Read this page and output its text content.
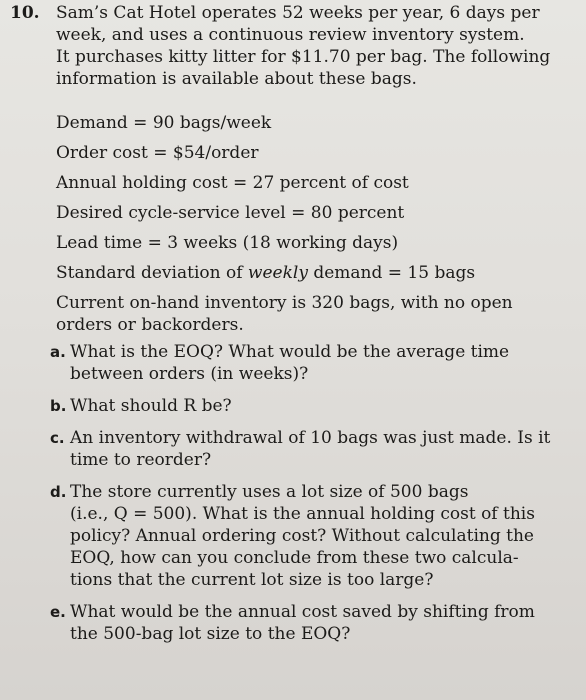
10. Sam’s Cat Hotel operates 52 weeks per year, 6 days per
week, and uses a continuous review inventory system.
It purchases kitty litter for $11.70 per bag. The following
information is available about these bags.
Demand = 90 bags/week
Order cost = $54/order
Annual holding cost = 27 percent of cost
Desired cycle-service level = 80 percent
Lead time = 3 weeks (18 working days)
Standard deviation of weekly demand = 15 bags
Current on-hand inventory is 320 bags, with no open
orders or backorders.
a. What is the EOQ? What would be the average time
between orders (in weeks)?
b. What should R be?
c. An inventory withdrawal of 10 bags was just made. Is it
time to reorder?
d. The store currently uses a lot size of 500 bags
(i.e., Q = 500). What is the annual holding cost of this
policy? Annual ordering cost? Without calculating the
EOQ, how can you conclude from these two calcula-
tions that the current lot size is too large?
e. What would be the annual cost saved by shifting from
the 500-bag lot size to the EOQ?
